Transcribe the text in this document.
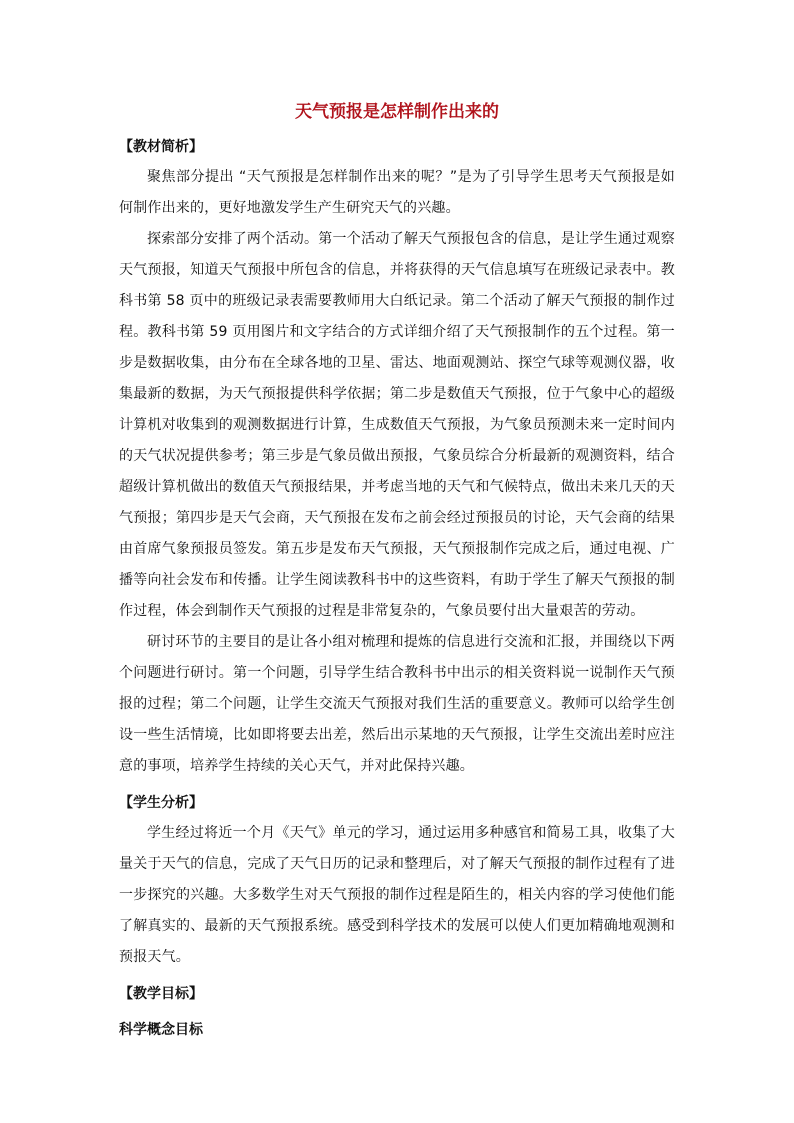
天气预报是怎样制作出来的
【教材简析】

聚焦部分提出 “天气预报是怎样制作出来的呢？”是为了引导学生思考天气预报是如何制作出来的，更好地激发学生产生研究天气的兴趣。

探索部分安排了两个活动。第一个活动了解天气预报包含的信息，是让学生通过观察天气预报，知道天气预报中所包含的信息，并将获得的天气信息填写在班级记录表中。教科书第 58 页中的班级记录表需要教师用大白纸记录。第二个活动了解天气预报的制作过程。教科书第 59 页用图片和文字结合的方式详细介绍了天气预报制作的五个过程。第一步是数据收集，由分布在全球各地的卫星、雷达、地面观测站、探空气球等观测仪器，收集最新的数据，为天气预报提供科学依据；第二步是数值天气预报，位于气象中心的超级计算机对收集到的观测数据进行计算，生成数值天气预报，为气象员预测未来一定时间内的天气状况提供参考；第三步是气象员做出预报，气象员综合分析最新的观测资料，结合超级计算机做出的数值天气预报结果，并考虑当地的天气和气候特点，做出未来几天的天气预报；第四步是天气会商，天气预报在发布之前会经过预报员的讨论，天气会商的结果由首席气象预报员签发。第五步是发布天气预报，天气预报制作完成之后，通过电视、广播等向社会发布和传播。让学生阅读教科书中的这些资料，有助于学生了解天气预报的制作过程，体会到制作天气预报的过程是非常复杂的，气象员要付出大量艰苦的劳动。

研讨环节的主要目的是让各小组对梳理和提炼的信息进行交流和汇报，并围绕以下两个问题进行研讨。第一个问题，引导学生结合教科书中出示的相关资料说一说制作天气预报的过程；第二个问题，让学生交流天气预报对我们生活的重要意义。教师可以给学生创设一些生活情境，比如即将要去出差，然后出示某地的天气预报，让学生交流出差时应注意的事项，培养学生持续的关心天气，并对此保持兴趣。

【学生分析】

学生经过将近一个月《天气》单元的学习，通过运用多种感官和简易工具，收集了大量关于天气的信息，完成了天气日历的记录和整理后，对了解天气预报的制作过程有了进一步探究的兴趣。大多数学生对天气预报的制作过程是陌生的，相关内容的学习使他们能了解真实的、最新的天气预报系统。感受到科学技术的发展可以使人们更加精确地观测和预报天气。

【教学目标】
科学概念目标
